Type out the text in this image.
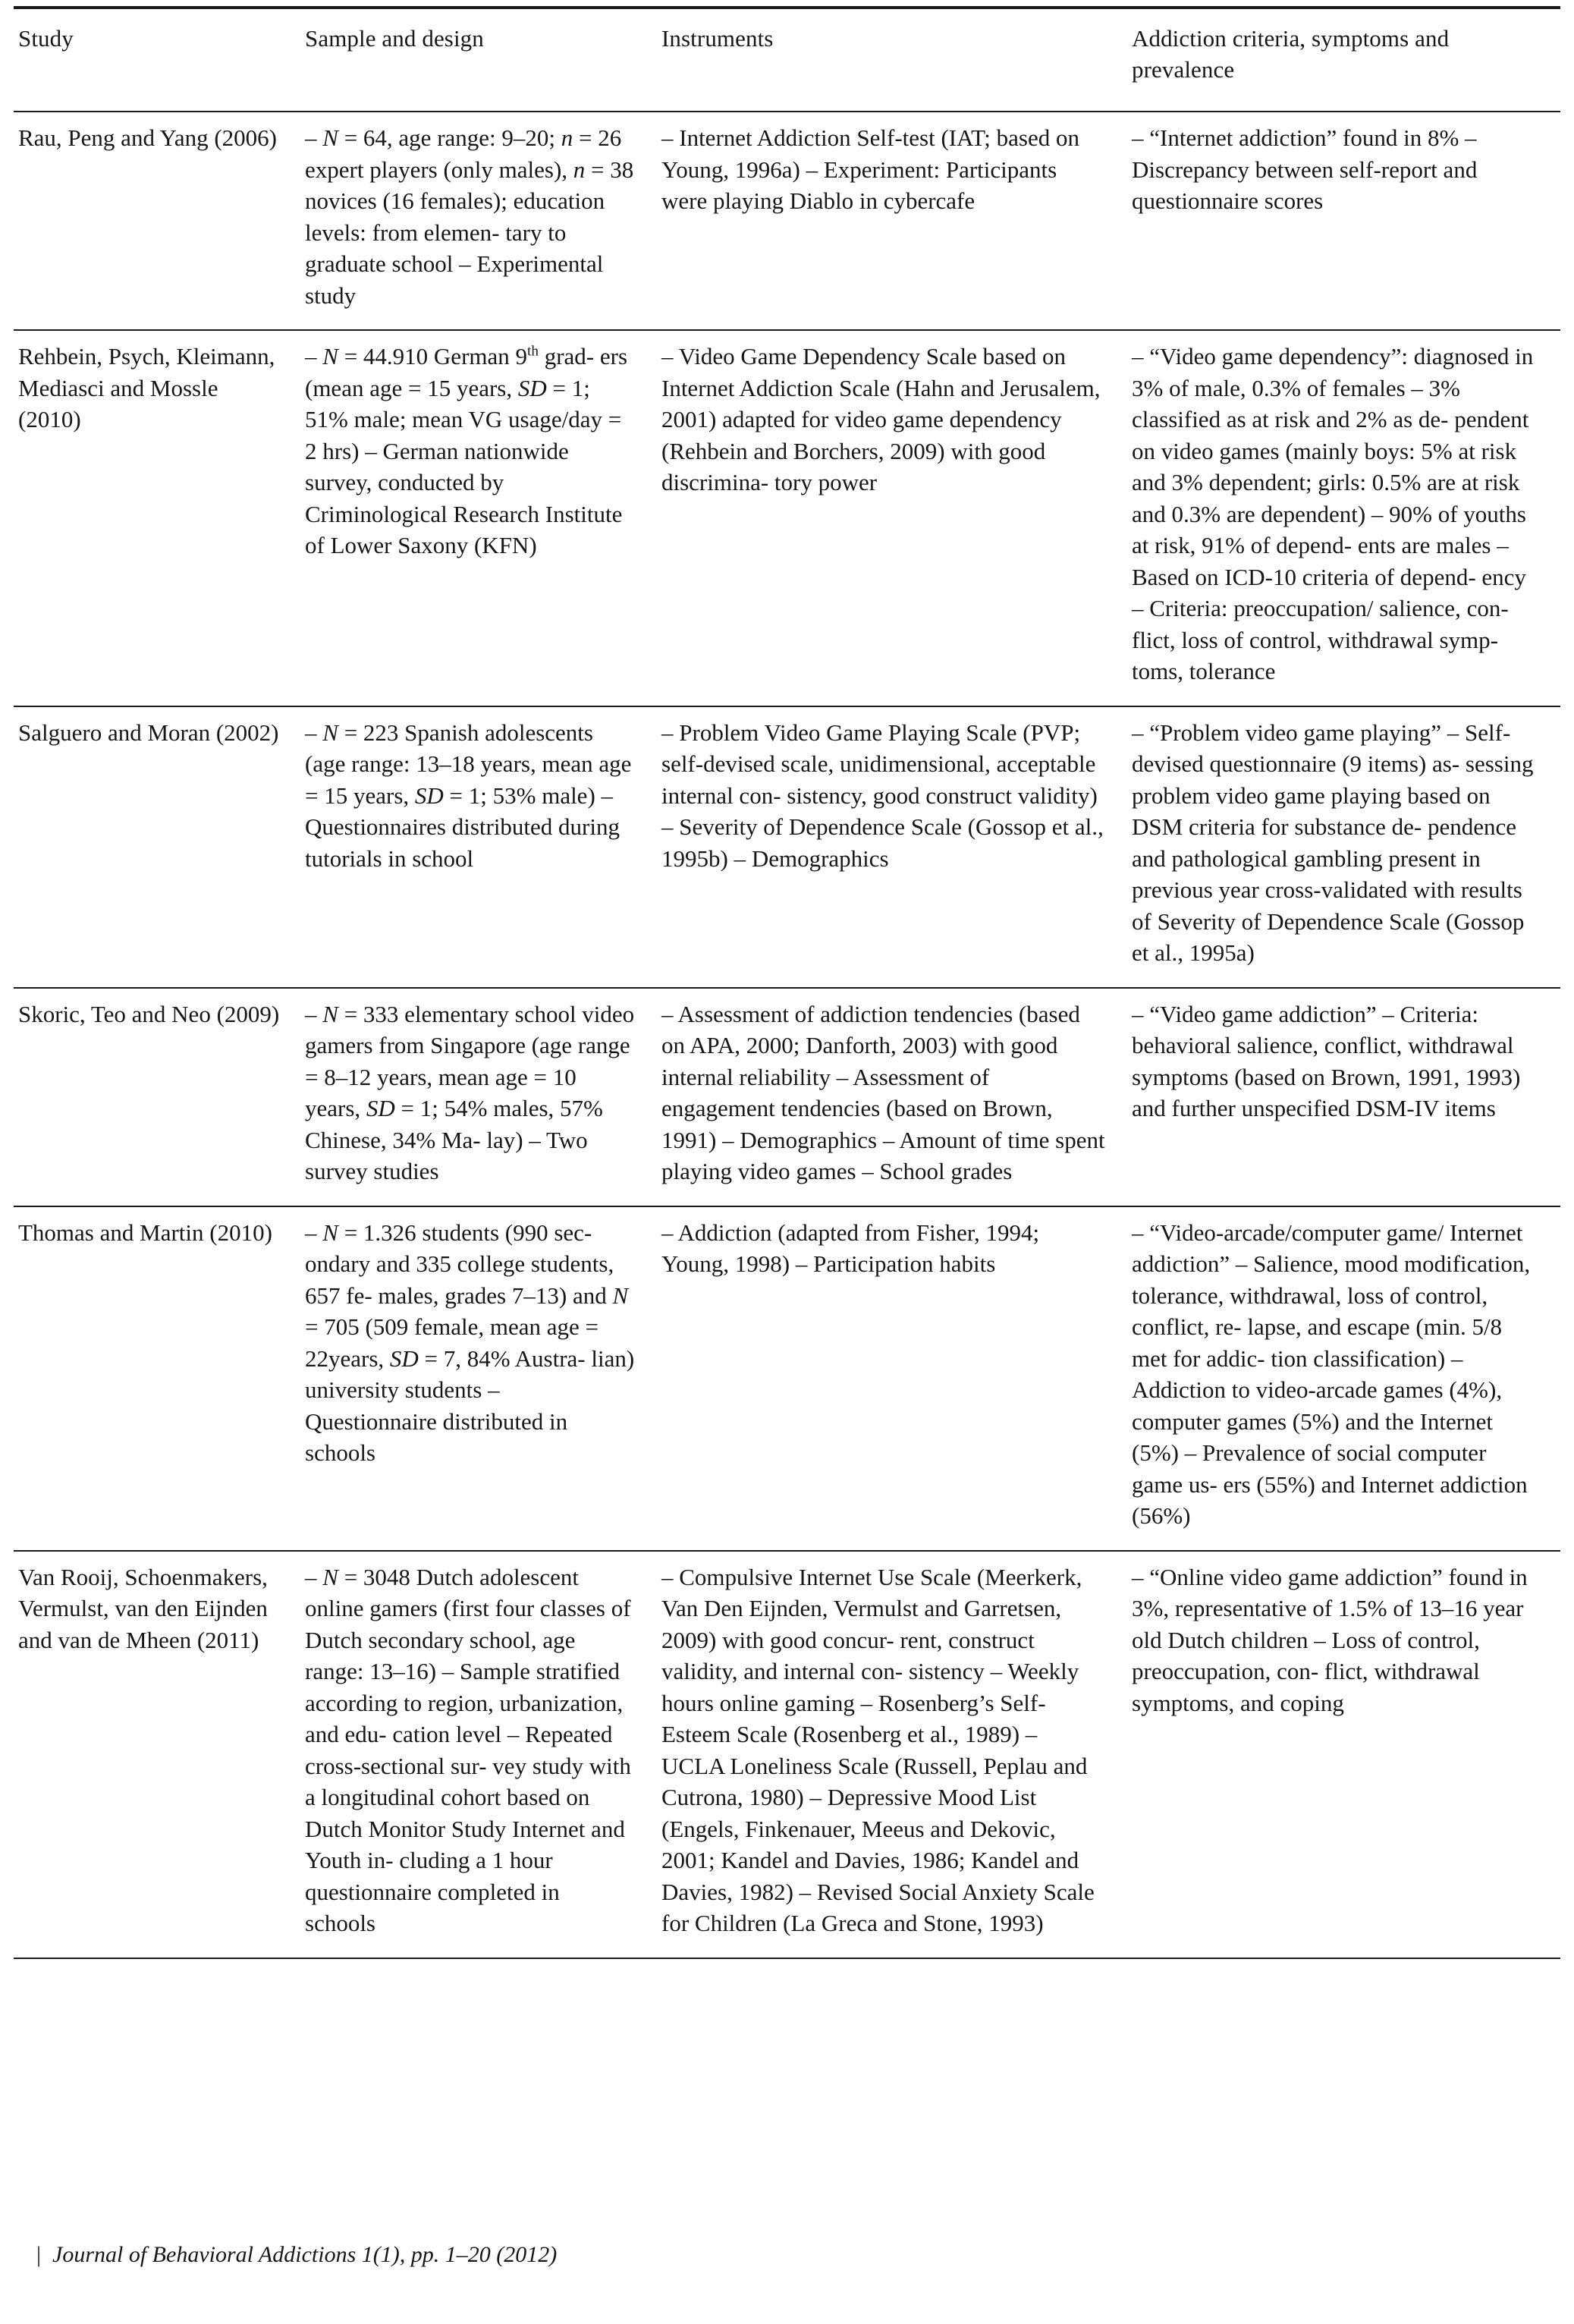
Study	Sample and design	Instruments	Addiction criteria, symptoms and prevalence
Rau, Peng and Yang (2006)	– N = 64, age range: 9–20; n = 26 expert players (only males), n = 38 novices (16 females); education levels: from elemen- tary to graduate school – Experimental study	– Internet Addiction Self-test (IAT; based on Young, 1996a) – Experiment: Participants were playing Diablo in cybercafe	– “Internet addiction” found in 8% – Discrepancy between self-report and questionnaire scores
Rehbein, Psych, Kleimann, Mediasci and Mossle (2010)	– N = 44.910 German 9th grad- ers (mean age = 15 years, SD = 1; 51% male; mean VG usage/day = 2 hrs) – German nationwide survey, conducted by Criminological Research Institute of Lower Saxony (KFN)	– Video Game Dependency Scale based on Internet Addiction Scale (Hahn and Jerusalem, 2001) adapted for video game dependency (Rehbein and Borchers, 2009) with good discrimina- tory power	– “Video game dependency”: diagnosed in 3% of male, 0.3% of females – 3% classified as at risk and 2% as de- pendent on video games (mainly boys: 5% at risk and 3% dependent; girls: 0.5% are at risk and 0.3% are dependent) – 90% of youths at risk, 91% of depend- ents are males – Based on ICD-10 criteria of depend- ency – Criteria: preoccupation/ salience, con- flict, loss of control, withdrawal symp- toms, tolerance
Salguero and Moran (2002)	– N = 223 Spanish adolescents (age range: 13–18 years, mean age = 15 years, SD = 1; 53% male) – Questionnaires distributed during tutorials in school	– Problem Video Game Playing Scale (PVP; self-devised scale, unidimensional, acceptable internal con- sistency, good construct validity) – Severity of Dependence Scale (Gossop et al., 1995b) – Demographics	– “Problem video game playing” – Self-devised questionnaire (9 items) as- sessing problem video game playing based on DSM criteria for substance de- pendence and pathological gambling present in previous year cross-validated with results of Severity of Dependence Scale (Gossop et al., 1995a)
Skoric, Teo and Neo (2009)	– N = 333 elementary school video gamers from Singapore (age range = 8–12 years, mean age = 10 years, SD = 1; 54% males, 57% Chinese, 34% Ma- lay) – Two survey studies	– Assessment of addiction tendencies (based on APA, 2000; Danforth, 2003) with good internal reliability – Assessment of engagement tendencies (based on Brown, 1991) – Demographics – Amount of time spent playing video games – School grades	– “Video game addiction” – Criteria: behavioral salience, conflict, withdrawal symptoms (based on Brown, 1991, 1993) and further unspecified DSM-IV items
Thomas and Martin (2010)	– N = 1.326 students (990 sec- ondary and 335 college students, 657 fe- males, grades 7–13) and N = 705 (509 female, mean age = 22years, SD = 7, 84% Austra- lian) university students – Questionnaire distributed in schools	– Addiction (adapted from Fisher, 1994; Young, 1998) – Participation habits	– “Video-arcade/computer game/ Internet addiction” – Salience, mood modification, tolerance, withdrawal, loss of control, conflict, re- lapse, and escape (min. 5/8 met for addic- tion classification) – Addiction to video-arcade games (4%), computer games (5%) and the Internet (5%) – Prevalence of social computer game us- ers (55%) and Internet addiction (56%)
Van Rooij, Schoenmakers, Vermulst, van den Eijnden and van de Mheen (2011)	– N = 3048 Dutch adolescent online gamers (first four classes of Dutch secondary school, age range: 13–16) – Sample stratified according to region, urbanization, and edu- cation level – Repeated cross-sectional sur- vey study with a longitudinal cohort based on Dutch Monitor Study Internet and Youth in- cluding a 1 hour questionnaire completed in schools	– Compulsive Internet Use Scale (Meerkerk, Van Den Eijnden, Vermulst and Garretsen, 2009) with good concur- rent, construct validity, and internal con- sistency – Weekly hours online gaming – Rosenberg’s Self-Esteem Scale (Rosenberg et al., 1989) – UCLA Loneliness Scale (Russell, Peplau and Cutrona, 1980) – Depressive Mood List (Engels, Finkenauer, Meeus and Dekovic, 2001; Kandel and Davies, 1986; Kandel and Davies, 1982) – Revised Social Anxiety Scale for Children (La Greca and Stone, 1993)	– “Online video game addiction” found in 3%, representative of 1.5% of 13–16 year old Dutch children – Loss of control, preoccupation, con- flict, withdrawal symptoms, and coping

|  Journal of Behavioral Addictions 1(1), pp. 1–20 (2012)
